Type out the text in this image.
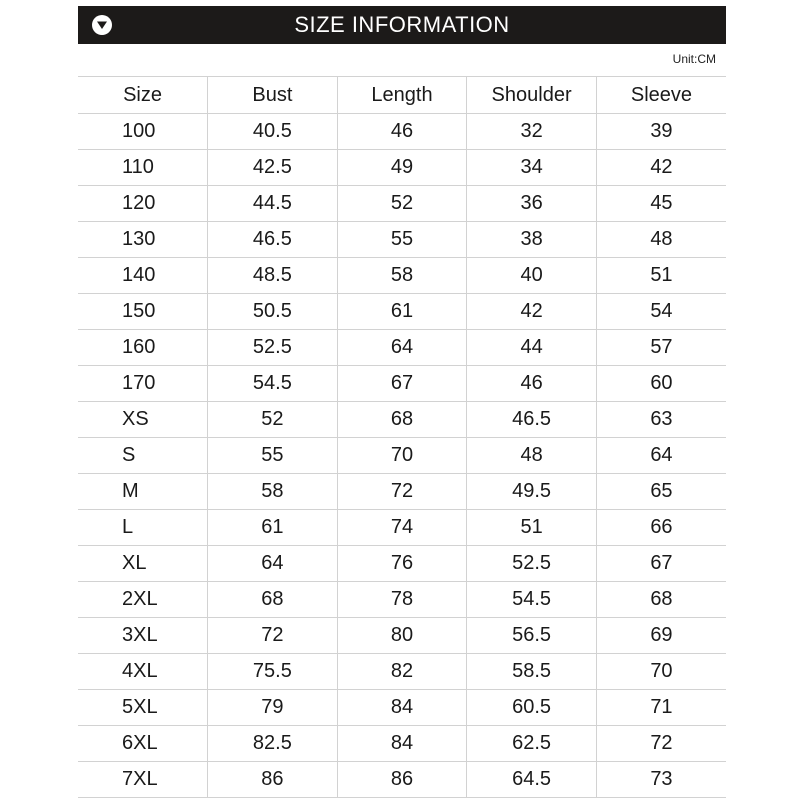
SIZE INFORMATION
Unit:CM
Size	Bust	Length	Shoulder	Sleeve
100	40.5	46	32	39
110	42.5	49	34	42
120	44.5	52	36	45
130	46.5	55	38	48
140	48.5	58	40	51
150	50.5	61	42	54
160	52.5	64	44	57
170	54.5	67	46	60
XS	52	68	46.5	63
S	55	70	48	64
M	58	72	49.5	65
L	61	74	51	66
XL	64	76	52.5	67
2XL	68	78	54.5	68
3XL	72	80	56.5	69
4XL	75.5	82	58.5	70
5XL	79	84	60.5	71
6XL	82.5	84	62.5	72
7XL	86	86	64.5	73
